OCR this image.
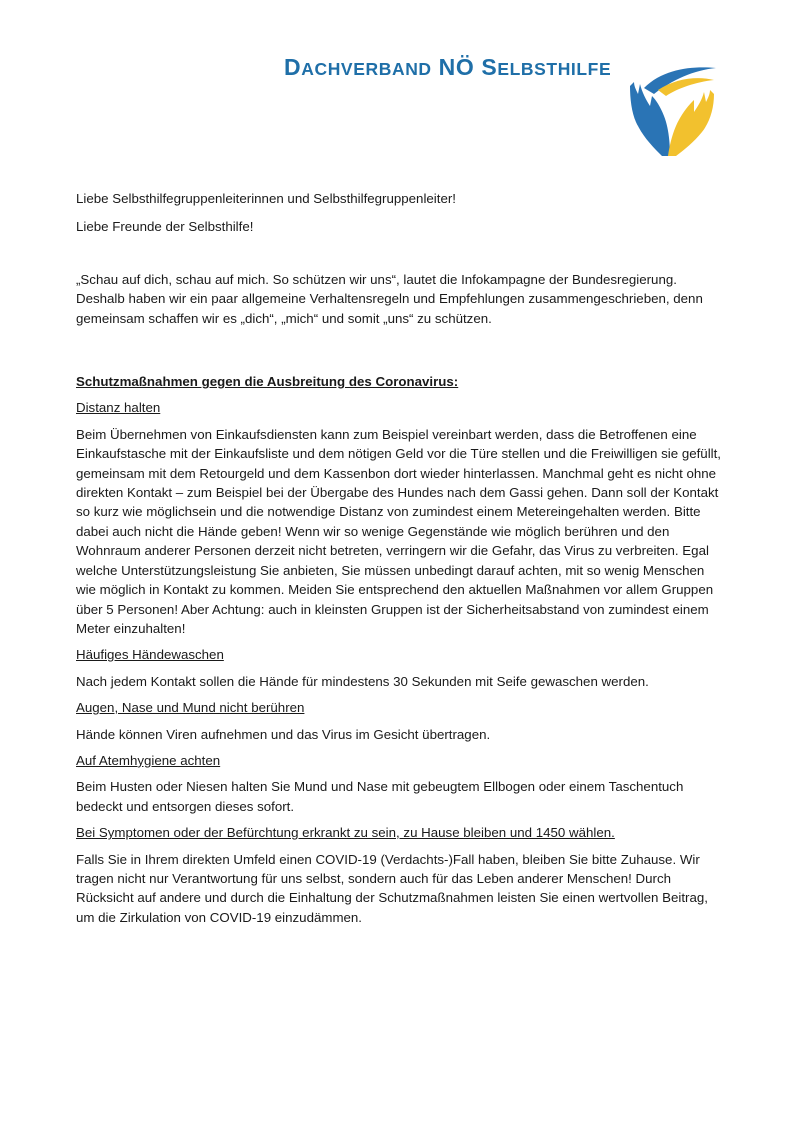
DACHVERBAND NÖ SELBSTHILFE

Liebe Selbsthilfegruppenleiterinnen und Selbsthilfegruppenleiter!

Liebe Freunde der Selbsthilfe!

„Schau auf dich, schau auf mich. So schützen wir uns“, lautet die Infokampagne der Bundesregierung. Deshalb haben wir ein paar allgemeine Verhaltensregeln und Empfehlungen zusammengeschrieben, denn gemeinsam schaffen wir es „dich“, „mich“ und somit „uns“ zu schützen.

Schutzmaßnahmen gegen die Ausbreitung des Coronavirus:

Distanz halten

Beim Übernehmen von Einkaufsdiensten kann zum Beispiel vereinbart werden, dass die Betroffenen eine Einkaufstasche mit der Einkaufsliste und dem nötigen Geld vor die Türe stellen und die Freiwilligen sie gefüllt, gemeinsam mit dem Retourgeld und dem Kassenbon dort wieder hinterlassen. Manchmal geht es nicht ohne direkten Kontakt – zum Beispiel bei der Übergabe des Hundes nach dem Gassi gehen. Dann soll der Kontakt so kurz wie möglichsein und die notwendige Distanz von zumindest einem Metereingehalten werden. Bitte dabei auch nicht die Hände geben! Wenn wir so wenige Gegenstände wie möglich berühren und den Wohnraum anderer Personen derzeit nicht betreten, verringern wir die Gefahr, das Virus zu verbreiten. Egal welche Unterstützungsleistung Sie anbieten, Sie müssen unbedingt darauf achten, mit so wenig Menschen wie möglich in Kontakt zu kommen. Meiden Sie entsprechend den aktuellen Maßnahmen vor allem Gruppen über 5 Personen! Aber Achtung: auch in kleinsten Gruppen ist der Sicherheitsabstand von zumindest einem Meter einzuhalten!

Häufiges Händewaschen

Nach jedem Kontakt sollen die Hände für mindestens 30 Sekunden mit Seife gewaschen werden.

Augen, Nase und Mund nicht berühren

Hände können Viren aufnehmen und das Virus im Gesicht übertragen.

Auf Atemhygiene achten

Beim Husten oder Niesen halten Sie Mund und Nase mit gebeugtem Ellbogen oder einem Taschentuch bedeckt und entsorgen dieses sofort.

Bei Symptomen oder der Befürchtung erkrankt zu sein, zu Hause bleiben und 1450 wählen.

Falls Sie in Ihrem direkten Umfeld einen COVID-19 (Verdachts-)Fall haben, bleiben Sie bitte Zuhause. Wir tragen nicht nur Verantwortung für uns selbst, sondern auch für das Leben anderer Menschen! Durch Rücksicht auf andere und durch die Einhaltung der Schutzmaßnahmen leisten Sie einen wertvollen Beitrag, um die Zirkulation von COVID-19 einzudämmen.
